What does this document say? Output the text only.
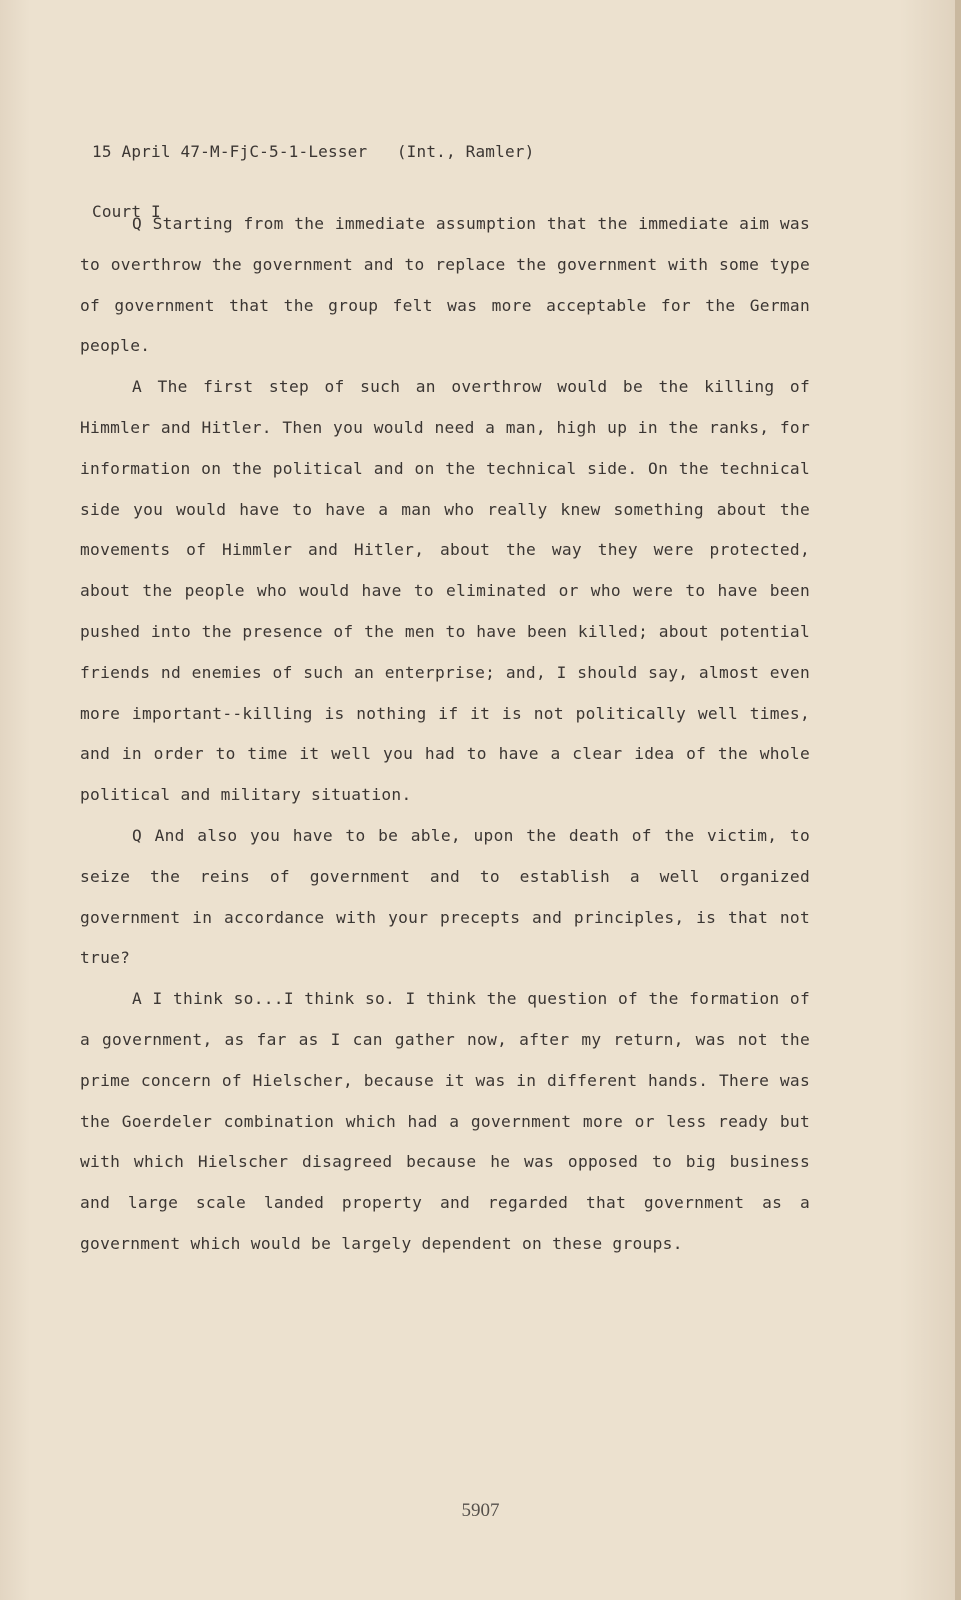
15 April 47-M-FjC-5-1-Lesser   (Int., Ramler)

Court I

Q Starting from the immediate assumption that the immediate aim was to overthrow the government and to replace the government with some type of government that the group felt was more acceptable for the German people.

A The first step of such an overthrow would be the killing of Himmler and Hitler. Then you would need a man, high up in the ranks, for information on the political and on the technical side. On the technical side you would have to have a man who really knew something about the movements of Himmler and Hitler, about the way they were protected, about the people who would have to eliminated or who were to have been pushed into the presence of the men to have been killed; about potential friends nd enemies of such an enterprise; and, I should say, almost even more important--killing is nothing if it is not politically well times, and in order to time it well you had to have a clear idea of the whole political and military situation.

Q And also you have to be able, upon the death of the victim, to seize the reins of government and to establish a well organized government in accordance with your precepts and principles, is that not true?

A I think so...I think so. I think the question of the formation of a government, as far as I can gather now, after my return, was not the prime concern of Hielscher, because it was in different hands. There was the Goerdeler combination which had a government more or less ready but with which Hielscher disagreed because he was opposed to big business and large scale landed property and regarded that government as a government which would be largely dependent on these groups.

5907
